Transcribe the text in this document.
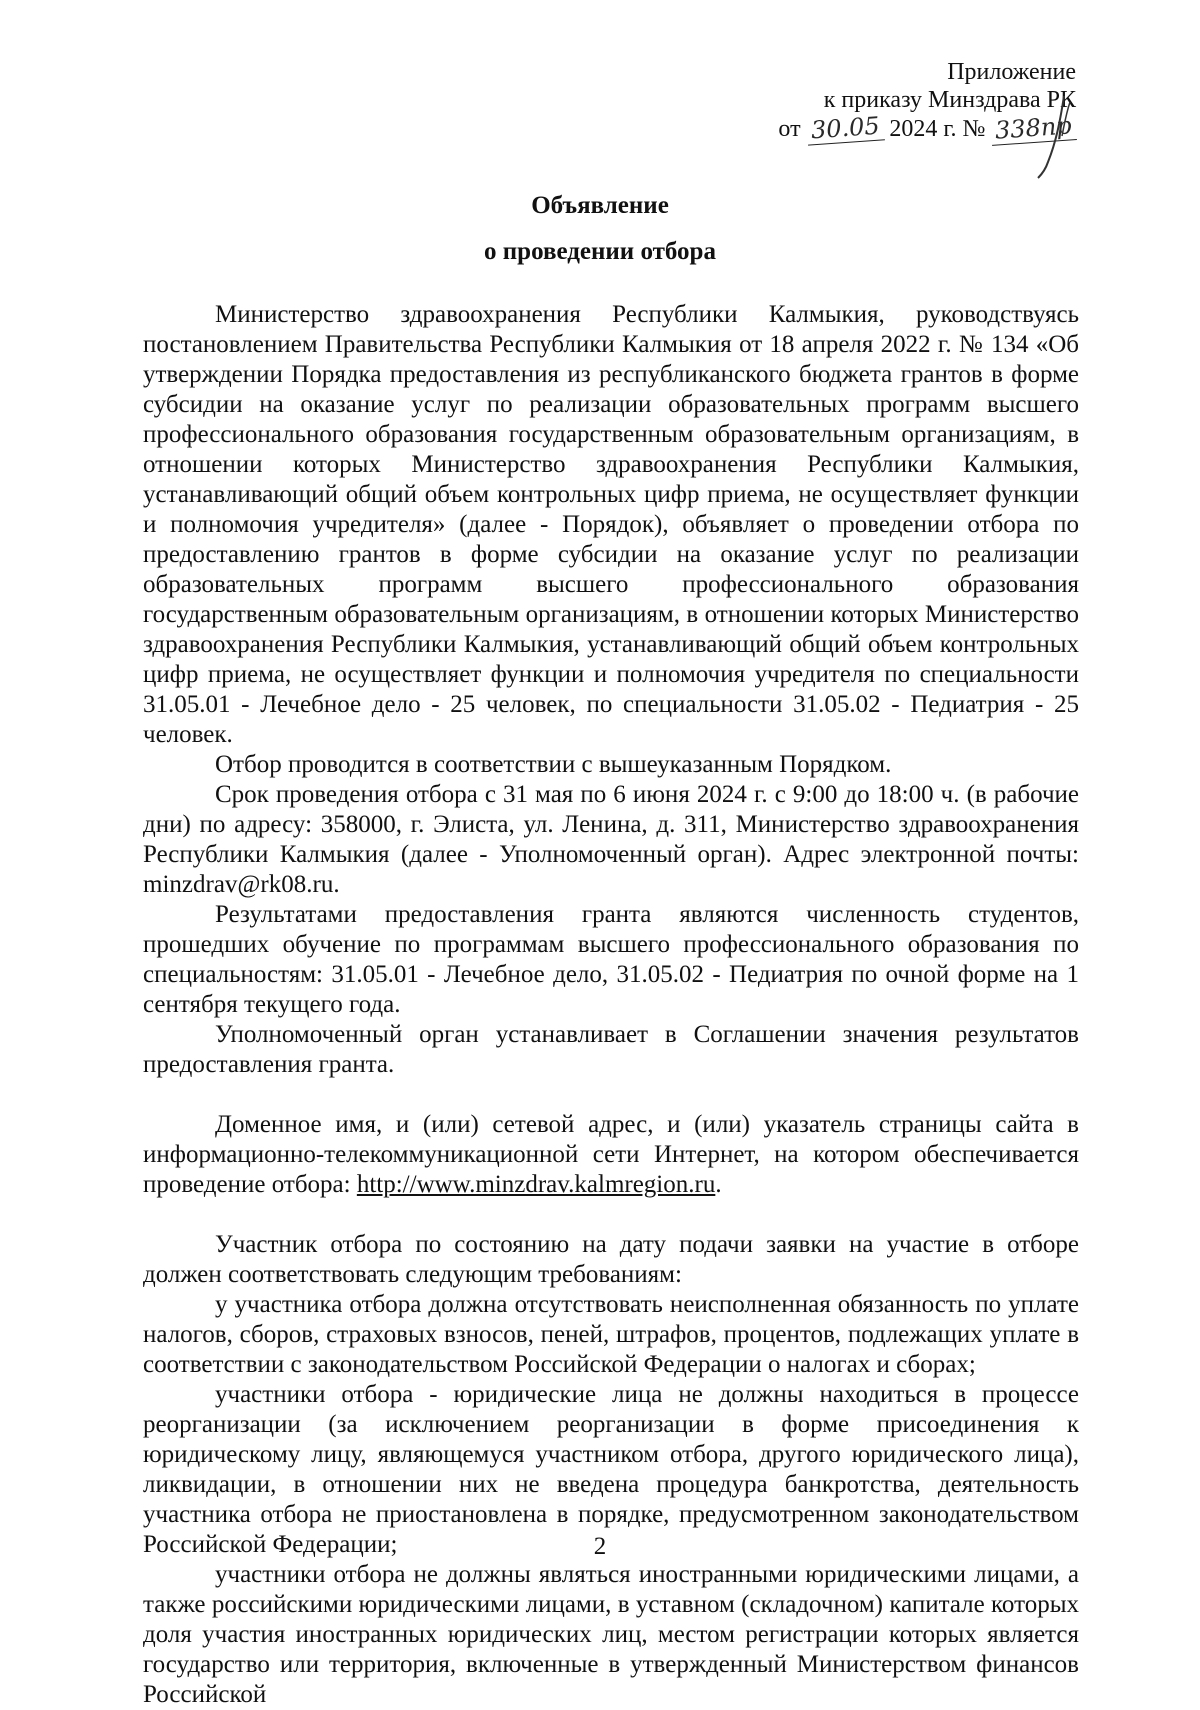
Приложение
к приказу Минздрава РК
от 30.05 2024 г. № 338пр
Объявление
о проведении отбора

Министерство здравоохранения Республики Калмыкия, руководствуясь постановлением Правительства Республики Калмыкия от 18 апреля 2022 г. № 134 «Об утверждении Порядка предоставления из республиканского бюджета грантов в форме субсидии на оказание услуг по реализации образовательных программ высшего профессионального образования государственным образовательным организациям, в отношении которых Министерство здравоохранения Республики Калмыкия, устанавливающий общий объем контрольных цифр приема, не осуществляет функции и полномочия учредителя» (далее - Порядок), объявляет о проведении отбора по предоставлению грантов в форме субсидии на оказание услуг по реализации образовательных программ высшего профессионального образования государственным образовательным организациям, в отношении которых Министерство здравоохранения Республики Калмыкия, устанавливающий общий объем контрольных цифр приема, не осуществляет функции и полномочия учредителя по специальности 31.05.01 - Лечебное дело - 25 человек, по специальности 31.05.02 - Педиатрия - 25 человек.

Отбор проводится в соответствии с вышеуказанным Порядком.

Срок проведения отбора с 31 мая по 6 июня 2024 г. с 9:00 до 18:00 ч. (в рабочие дни) по адресу: 358000, г. Элиста, ул. Ленина, д. 311, Министерство здравоохранения Республики Калмыкия (далее - Уполномоченный орган). Адрес электронной почты: minzdrav@rk08.ru.

Результатами предоставления гранта являются численность студентов, прошедших обучение по программам высшего профессионального образования по специальностям: 31.05.01 - Лечебное дело, 31.05.02 - Педиатрия по очной форме на 1 сентября текущего года.

Уполномоченный орган устанавливает в Соглашении значения результатов предоставления гранта.

Доменное имя, и (или) сетевой адрес, и (или) указатель страницы сайта в информационно-телекоммуникационной сети Интернет, на котором обеспечивается проведение отбора: http://www.minzdrav.kalmregion.ru.

Участник отбора по состоянию на дату подачи заявки на участие в отборе должен соответствовать следующим требованиям:

у участника отбора должна отсутствовать неисполненная обязанность по уплате налогов, сборов, страховых взносов, пеней, штрафов, процентов, подлежащих уплате в соответствии с законодательством Российской Федерации о налогах и сборах;

участники отбора - юридические лица не должны находиться в процессе реорганизации (за исключением реорганизации в форме присоединения к юридическому лицу, являющемуся участником отбора, другого юридического лица), ликвидации, в отношении них не введена процедура банкротства, деятельность участника отбора не приостановлена в порядке, предусмотренном законодательством Российской Федерации;

участники отбора не должны являться иностранными юридическими лицами, а также российскими юридическими лицами, в уставном (складочном) капитале которых доля участия иностранных юридических лиц, местом регистрации которых является государство или территория, включенные в утвержденный Министерством финансов Российской

2
